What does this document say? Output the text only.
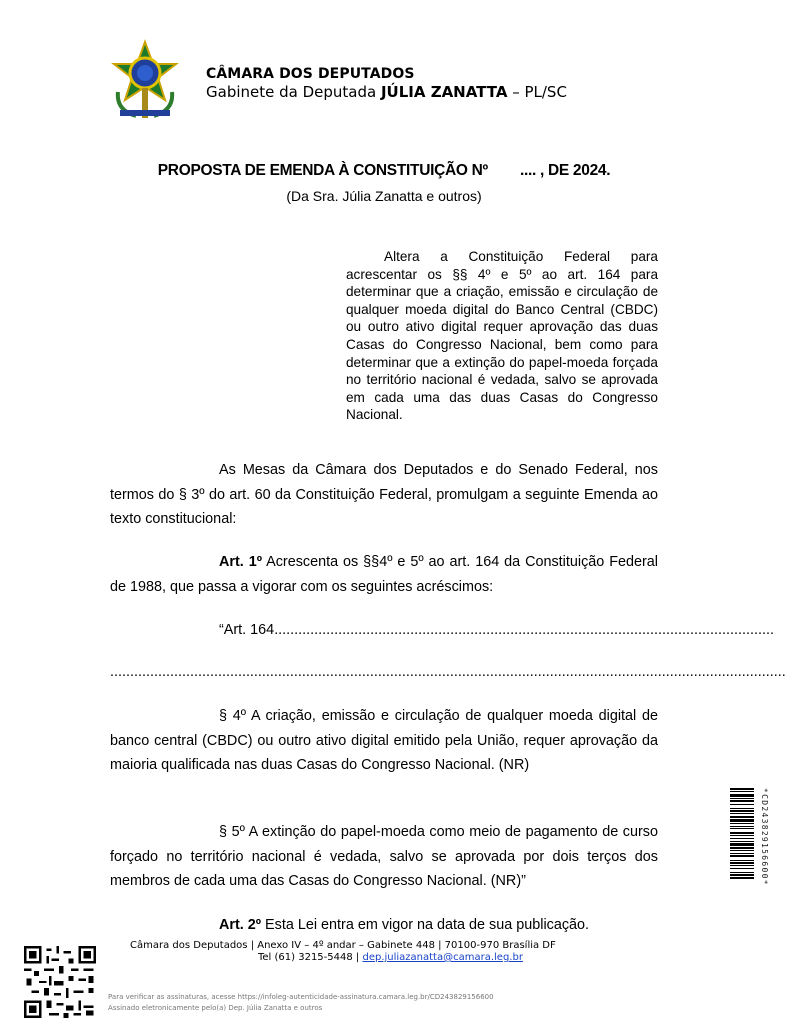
CÂMARA DOS DEPUTADOS
Gabinete da Deputada JÚLIA ZANATTA – PL/SC
PROPOSTA DE EMENDA À CONSTITUIÇÃO Nº        .... , DE 2024.
(Da Sra. Júlia Zanatta e outros)
Altera a Constituição Federal para acrescentar os §§ 4º e 5º ao art. 164 para determinar que a criação, emissão e circulação de qualquer moeda digital do Banco Central (CBDC) ou outro ativo digital requer aprovação das duas Casas do Congresso Nacional, bem como para determinar que a extinção do papel-moeda forçada no território nacional é vedada, salvo se aprovada em cada uma das duas Casas do Congresso Nacional.
As Mesas da Câmara dos Deputados e do Senado Federal, nos termos do § 3º do art. 60 da Constituição Federal, promulgam a seguinte Emenda ao texto constitucional:
Art. 1º Acrescenta os §§4º e 5º ao art. 164 da Constituição Federal de 1988, que passa a vigorar com os seguintes acréscimos:
“Art. 164.............................................................................................................................
.........................................................................................................................................................................
§ 4º A criação, emissão e circulação de qualquer moeda digital de banco central (CBDC) ou outro ativo digital emitido pela União, requer aprovação da maioria qualificada nas duas Casas do Congresso Nacional. (NR)
§ 5º A extinção do papel-moeda como meio de pagamento de curso forçado no território nacional é vedada, salvo se aprovada por dois terços dos membros de cada uma das Casas do Congresso Nacional. (NR)”
Art. 2º Esta Lei entra em vigor na data de sua publicação.
Câmara dos Deputados | Anexo IV – 4º andar – Gabinete 448 | 70100-970 Brasília DF
Tel (61) 3215-5448 | dep.juliazanatta@camara.leg.br
Para verificar as assinaturas, acesse https://infoleg-autenticidade-assinatura.camara.leg.br/CD243829156600
Assinado eletronicamente pelo(a) Dep. Júlia Zanatta e outros
*CD243829156600*
